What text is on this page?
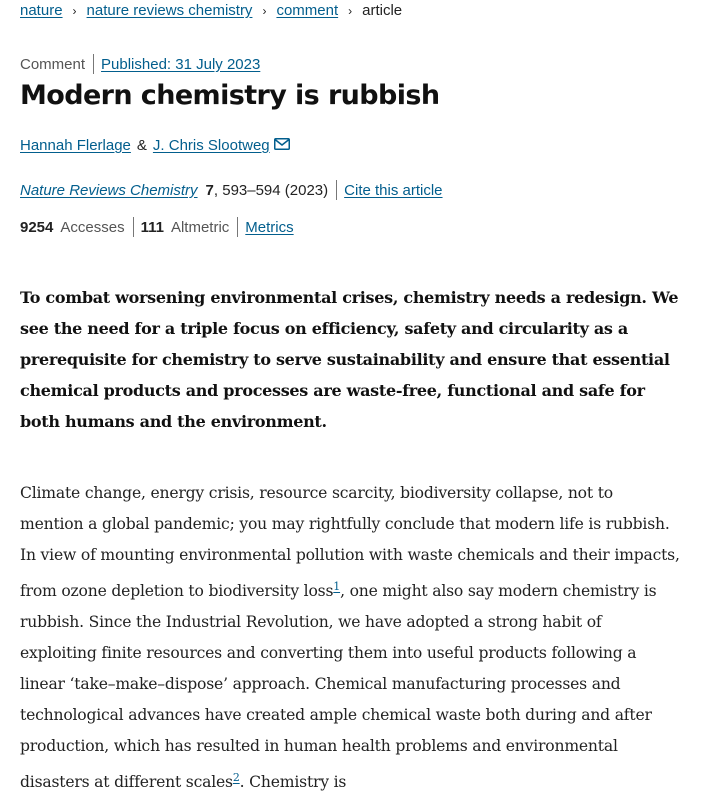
nature › nature reviews chemistry › comment › article
Comment Published: 31 July 2023
Modern chemistry is rubbish
Hannah Flerlage & J. Chris Slootweg
Nature Reviews Chemistry 7 , 593–594 (2023) Cite this article
9254 Accesses 111 Altmetric Metrics

To combat worsening environmental crises, chemistry needs a redesign. We see the need for a triple focus on efficiency, safety and circularity as a prerequisite for chemistry to serve sustainability and ensure that essential chemical products and processes are waste-free, functional and safe for both humans and the environment.

Climate change, energy crisis, resource scarcity, biodiversity collapse, not to mention a global pandemic; you may rightfully conclude that modern life is rubbish. In view of mounting environmental pollution with waste chemicals and their impacts, from ozone depletion to biodiversity loss$^1$, one might also say modern chemistry is rubbish. Since the Industrial Revolution, we have adopted a strong habit of exploiting finite resources and converting them into useful products following a linear ‘take–make–dispose’ approach. Chemical manufacturing processes and technological advances have created ample chemical waste both during and after production, which has resulted in human health problems and environmental disasters at different scales$^2$. Chemistry is
